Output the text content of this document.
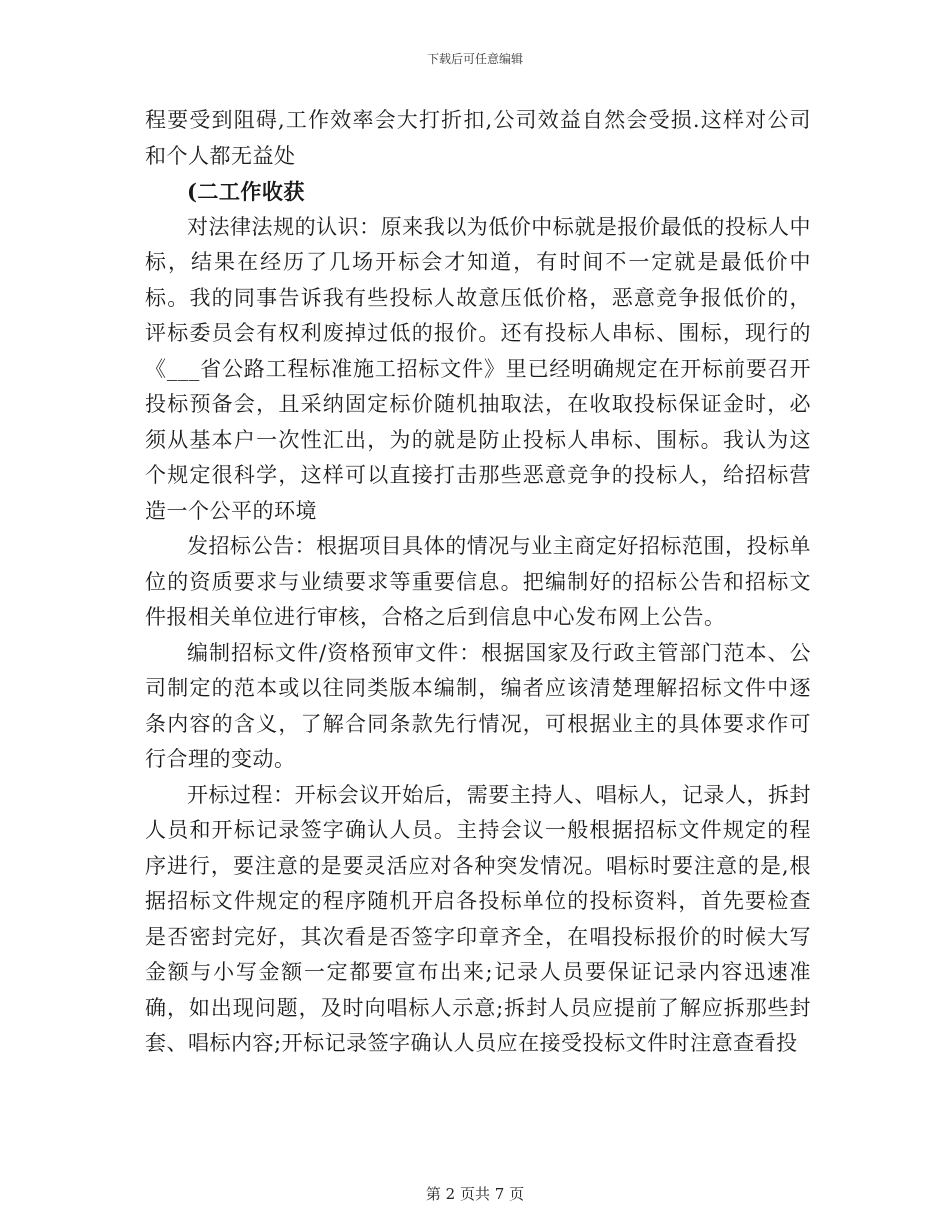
下载后可任意编辑

程要受到阻碍,工作效率会大打折扣,公司效益自然会受损.这样对公司和个人都无益处

(二工作收获

对法律法规的认识：原来我以为低价中标就是报价最低的投标人中标，结果在经历了几场开标会才知道，有时间不一定就是最低价中标。我的同事告诉我有些投标人故意压低价格，恶意竞争报低价的，评标委员会有权利废掉过低的报价。还有投标人串标、围标，现行的《___省公路工程标准施工招标文件》里已经明确规定在开标前要召开投标预备会，且采纳固定标价随机抽取法，在收取投标保证金时，必须从基本户一次性汇出，为的就是防止投标人串标、围标。我认为这个规定很科学，这样可以直接打击那些恶意竞争的投标人，给招标营造一个公平的环境

发招标公告：根据项目具体的情况与业主商定好招标范围，投标单位的资质要求与业绩要求等重要信息。把编制好的招标公告和招标文件报相关单位进行审核，合格之后到信息中心发布网上公告。

编制招标文件/资格预审文件：根据国家及行政主管部门范本、公司制定的范本或以往同类版本编制，编者应该清楚理解招标文件中逐条内容的含义，了解合同条款先行情况，可根据业主的具体要求作可行合理的变动。

开标过程：开标会议开始后，需要主持人、唱标人，记录人，拆封人员和开标记录签字确认人员。主持会议一般根据招标文件规定的程序进行，要注意的是要灵活应对各种突发情况。唱标时要注意的是,根据招标文件规定的程序随机开启各投标单位的投标资料，首先要检查是否密封完好，其次看是否签字印章齐全，在唱投标报价的时候大写金额与小写金额一定都要宣布出来;记录人员要保证记录内容迅速准确，如出现问题，及时向唱标人示意;拆封人员应提前了解应拆那些封套、唱标内容;开标记录签字确认人员应在接受投标文件时注意查看投

第 2 页共 7 页
